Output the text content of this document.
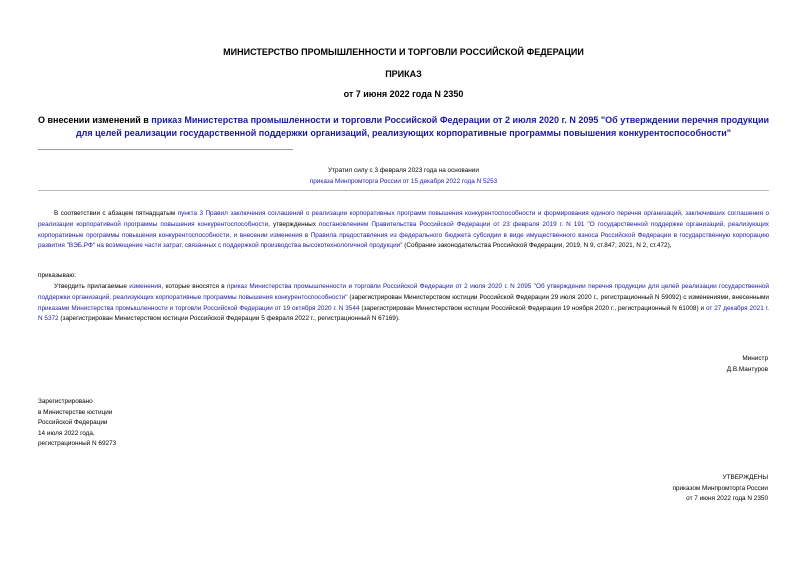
МИНИСТЕРСТВО ПРОМЫШЛЕННОСТИ И ТОРГОВЛИ РОССИЙСКОЙ ФЕДЕРАЦИИ
ПРИКАЗ
от 7 июня 2022 года N 2350
О внесении изменений в приказ Министерства промышленности и торговли Российской Федерации от 2 июля 2020 г. N 2095 "Об утверждении перечня продукции для целей реализации государственной поддержки организаций, реализующих корпоративные программы повышения конкурентоспособности"
Утратил силу с 3 февраля 2023 года на основании
приказа Минпромторга России от 15 декабря 2022 года N 5253
В соответствии с абзацем пятнадцатым пункта 3 Правил заключения соглашений о реализации корпоративных программ повышения конкурентоспособности и формирования единого перечня организаций, заключивших соглашения о реализации корпоративной программы повышения конкурентоспособности, утвержденных постановлением Правительства Российской Федерации от 23 февраля 2019 г. N 191 "О государственной поддержке организаций, реализующих корпоративные программы повышения конкурентоспособности, и внесении изменения в Правила предоставления из федерального бюджета субсидии в виде имущественного взноса Российской Федерации в государственную корпорацию развития "ВЭБ.РФ" на возмещение части затрат, связанных с поддержкой производства высокотехнологичной продукции" (Собрание законодательства Российской Федерации, 2019, N 9, ст.847; 2021, N 2, ст.472),
приказываю:
Утвердить прилагаемые изменения, которые вносятся в приказ Министерства промышленности и торговли Российской Федерации от 2 июля 2020 г. N 2095 "Об утверждении перечня продукции для целей реализации государственной поддержки организаций, реализующих корпоративные программы повышения конкурентоспособности" (зарегистрирован Министерством юстиции Российской Федерации 29 июля 2020 г., регистрационный N 59092) с изменениями, внесенными приказами Министерства промышленности и торговли Российской Федерации от 19 октября 2020 г. N 3544 (зарегистрирован Министерством юстиции Российской Федерации 19 ноября 2020 г., регистрационный N 61008) и от 27 декабря 2021 г. N 5372 (зарегистрирован Министерством юстиции Российской Федерации 5 февраля 2022 г., регистрационный N 67169).
Министр
Д.В.Мантуров
Зарегистрировано
в Министерстве юстиции
Российской Федерации
14 июля 2022 года,
регистрационный N 69273
УТВЕРЖДЕНЫ
приказом Минпромторга России
от 7 июня 2022 года N 2350
